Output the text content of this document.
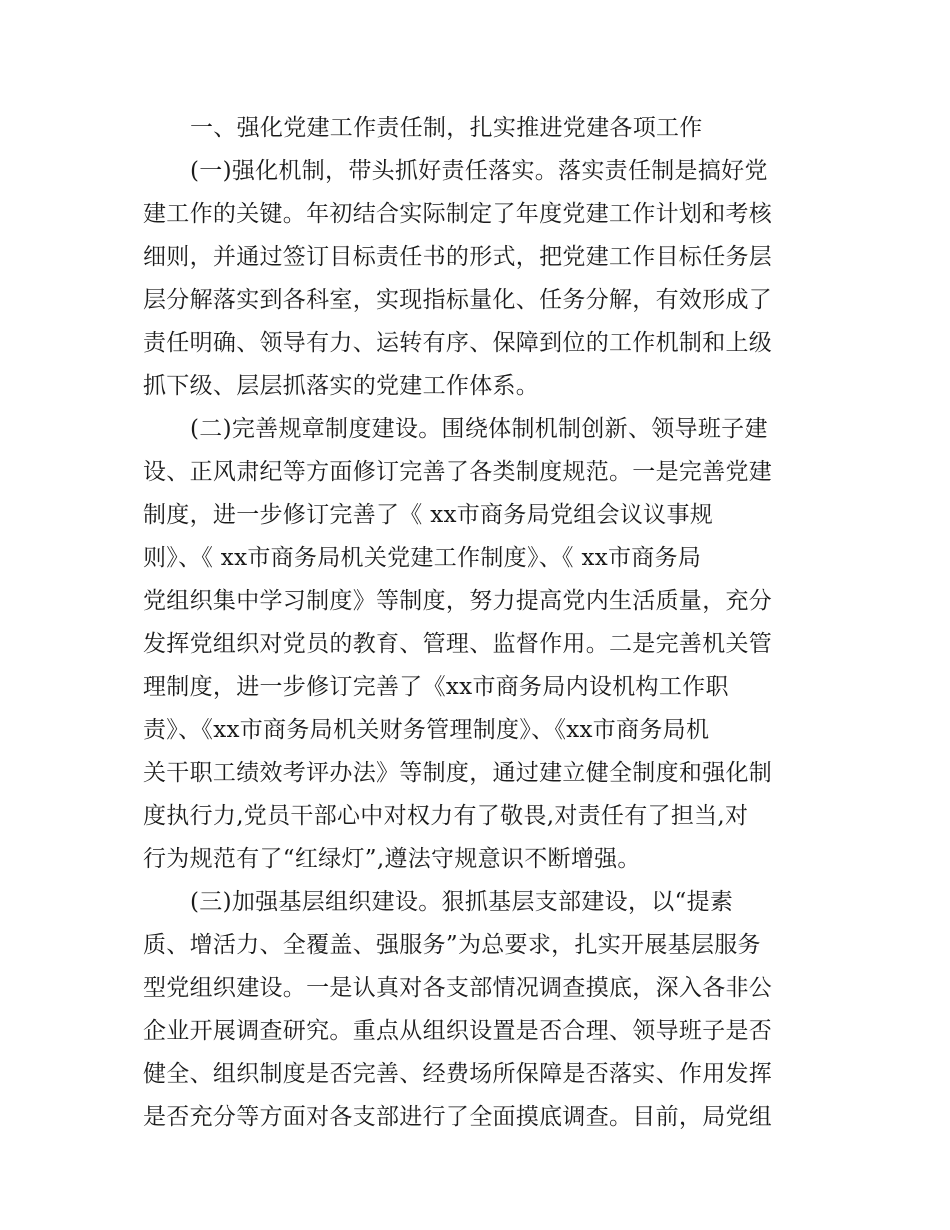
一、强化党建工作责任制，扎实推进党建各项工作
(一)强化机制，带头抓好责任落实。落实责任制是搞好党
建工作的关键。年初结合实际制定了年度党建工作计划和考核
细则，并通过签订目标责任书的形式，把党建工作目标任务层
层分解落实到各科室，实现指标量化、任务分解，有效形成了
责任明确、领导有力、运转有序、保障到位的工作机制和上级
抓下级、层层抓落实的党建工作体系。
(二)完善规章制度建设。围绕体制机制创新、领导班子建
设、正风肃纪等方面修订完善了各类制度规范。一是完善党建
制度，进一步修订完善了《 xx市商务局党组会议议事规
则》、《 xx市商务局机关党建工作制度》、《 xx市商务局
党组织集中学习制度》等制度，努力提高党内生活质量，充分
发挥党组织对党员的教育、管理、监督作用。二是完善机关管
理制度，进一步修订完善了《xx市商务局内设机构工作职
责》、《xx市商务局机关财务管理制度》、《xx市商务局机
关干职工绩效考评办法》等制度，通过建立健全制度和强化制
度执行力,党员干部心中对权力有了敬畏,对责任有了担当,对
行为规范有了“红绿灯”,遵法守规意识不断增强。
(三)加强基层组织建设。狠抓基层支部建设，以“提素
质、增活力、全覆盖、强服务”为总要求，扎实开展基层服务
型党组织建设。一是认真对各支部情况调查摸底，深入各非公
企业开展调查研究。重点从组织设置是否合理、领导班子是否
健全、组织制度是否完善、经费场所保障是否落实、作用发挥
是否充分等方面对各支部进行了全面摸底调查。目前，局党组
